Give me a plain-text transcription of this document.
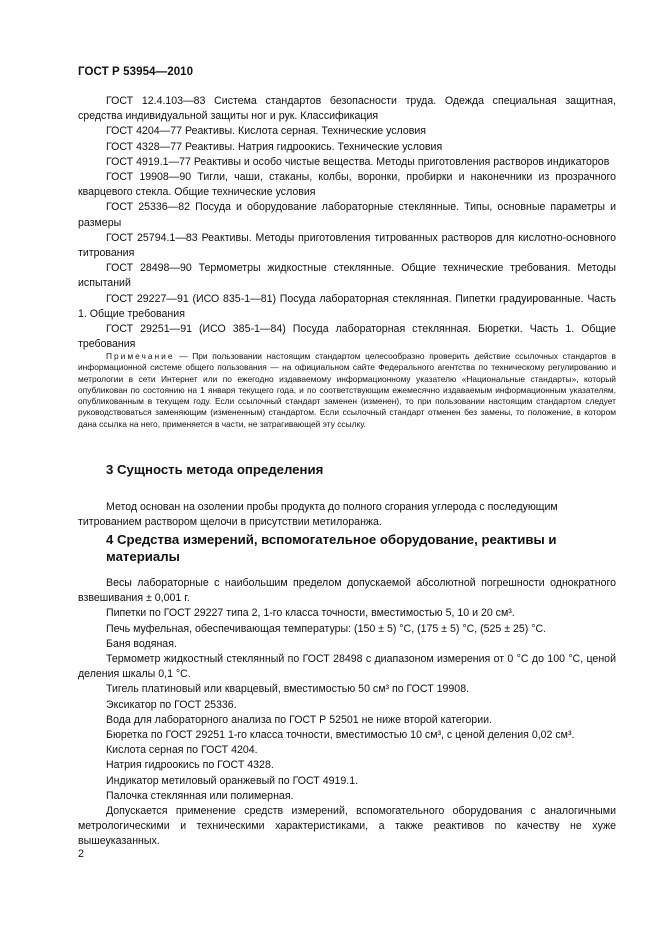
ГОСТ Р 53954—2010

ГОСТ 12.4.103—83 Система стандартов безопасности труда. Одежда специальная защитная, средства индивидуальной защиты ног и рук. Классификация

ГОСТ 4204—77 Реактивы. Кислота серная. Технические условия

ГОСТ 4328—77 Реактивы. Натрия гидроокись. Технические условия

ГОСТ 4919.1—77 Реактивы и особо чистые вещества. Методы приготовления растворов индикаторов

ГОСТ 19908—90 Тигли, чаши, стаканы, колбы, воронки, пробирки и наконечники из прозрачного кварцевого стекла. Общие технические условия

ГОСТ 25336—82 Посуда и оборудование лабораторные стеклянные. Типы, основные параметры и размеры

ГОСТ 25794.1—83 Реактивы. Методы приготовления титрованных растворов для кислотно-основного титрования

ГОСТ 28498—90 Термометры жидкостные стеклянные. Общие технические требования. Методы испытаний

ГОСТ 29227—91 (ИСО 835-1—81) Посуда лабораторная стеклянная. Пипетки градуированные. Часть 1. Общие требования

ГОСТ 29251—91 (ИСО 385-1—84) Посуда лабораторная стеклянная. Бюретки. Часть 1. Общие требования

Примечание — При пользовании настоящим стандартом целесообразно проверить действие ссылочных стандартов в информационной системе общего пользования — на официальном сайте Федерального агентства по техническому регулированию и метрологии в сети Интернет или по ежегодно издаваемому информационному указателю «Национальные стандарты», который опубликован по состоянию на 1 января текущего года, и по соответствующим ежемесячно издаваемым информационным указателям, опубликованным в текущем году. Если ссылочный стандарт заменен (изменен), то при пользовании настоящим стандартом следует руководствоваться заменяющим (измененным) стандартом. Если ссылочный стандарт отменен без замены, то положение, в котором дана ссылка на него, применяется в части, не затрагивающей эту ссылку.
3 Сущность метода определения

Метод основан на озолении пробы продукта до полного сгорания углерода с последующим титрованием раствором щелочи в присутствии метилоранжа.

4 Средства измерений, вспомогательное оборудование, реактивы и материалы

Весы лабораторные с наибольшим пределом допускаемой абсолютной погрешности однократного взвешивания ± 0,001 г.

Пипетки по ГОСТ 29227 типа 2, 1-го класса точности, вместимостью 5, 10 и 20 см³.

Печь муфельная, обеспечивающая температуры: (150 ± 5) °С, (175 ± 5) °С, (525 ± 25) °С.

Баня водяная.

Термометр жидкостный стеклянный по ГОСТ 28498 с диапазоном измерения от 0 °С до 100 °С, ценой деления шкалы 0,1 °С.

Тигель платиновый или кварцевый, вместимостью 50 см³ по ГОСТ 19908.

Эксикатор по ГОСТ 25336.

Вода для лабораторного анализа по ГОСТ Р 52501 не ниже второй категории.

Бюретка по ГОСТ 29251 1-го класса точности, вместимостью 10 см³, с ценой деления 0,02 см³.

Кислота серная по ГОСТ 4204.

Натрия гидроокись по ГОСТ 4328.

Индикатор метиловый оранжевый по ГОСТ 4919.1.

Палочка стеклянная или полимерная.

Допускается применение средств измерений, вспомогательного оборудования с аналогичными метрологическими и техническими характеристиками, а также реактивов по качеству не хуже вышеуказанных.

2
